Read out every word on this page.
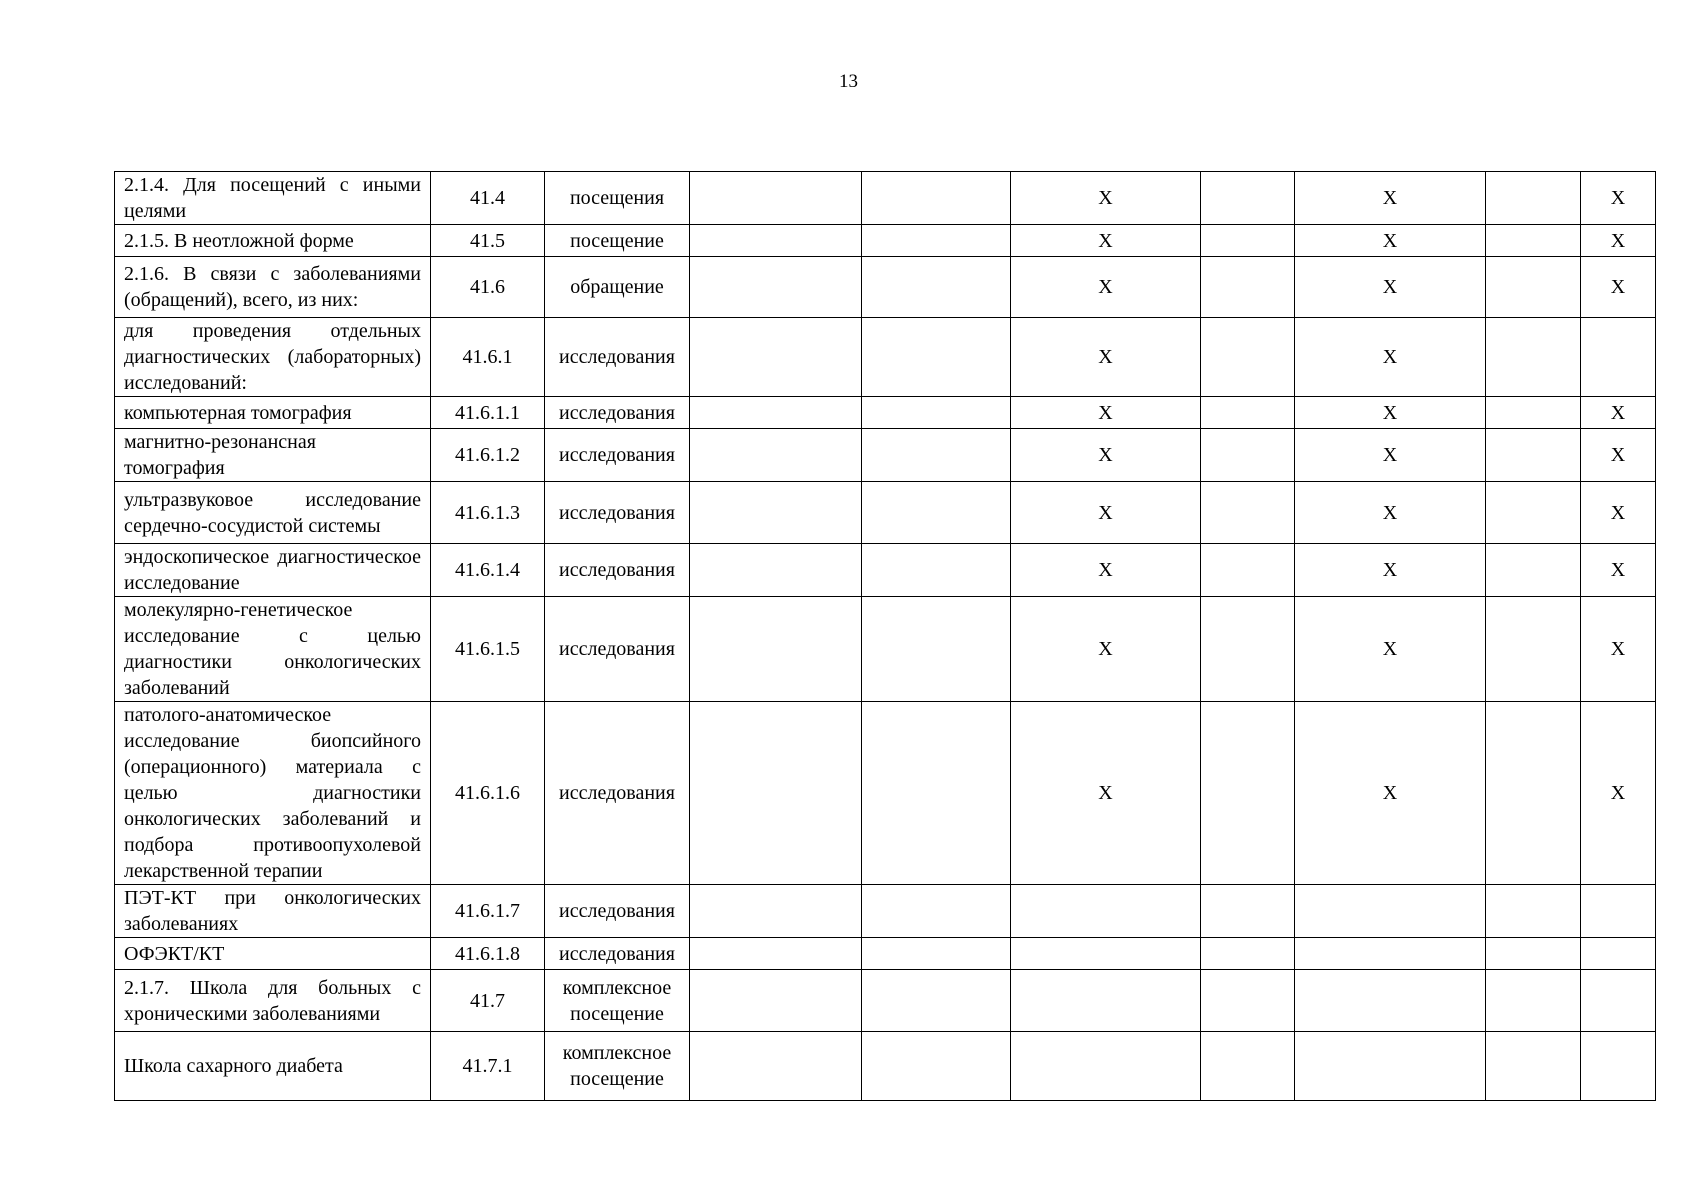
13
2.1.4. Для посещений с иными целями	41.4	посещения			X		X		X
2.1.5. В неотложной форме	41.5	посещение			X		X		X
2.1.6. В связи с заболеваниями (обращений), всего, из них:	41.6	обращение			X		X		X
для проведения отдельных диагностических (лабораторных) исследований:	41.6.1	исследования			X		X		
компьютерная томография	41.6.1.1	исследования			X		X		X
магнитно-резонансная томография	41.6.1.2	исследования			X		X		X
ультразвуковое исследование сердечно-сосудистой системы	41.6.1.3	исследования			X		X		X
эндоскопическое диагностическое исследование	41.6.1.4	исследования			X		X		X
молекулярно-генетическое исследование с целью диагностики онкологических заболеваний	41.6.1.5	исследования			X		X		X
патолого-анатомическое исследование биопсийного (операционного) материала с целью диагностики онкологических заболеваний и подбора противоопухолевой лекарственной терапии	41.6.1.6	исследования			X		X		X
ПЭТ-КТ при онкологических заболеваниях	41.6.1.7	исследования							
ОФЭКТ/КТ	41.6.1.8	исследования							
2.1.7. Школа для больных с хроническими заболеваниями	41.7	комплексное посещение							
Школа сахарного диабета	41.7.1	комплексное посещение							
